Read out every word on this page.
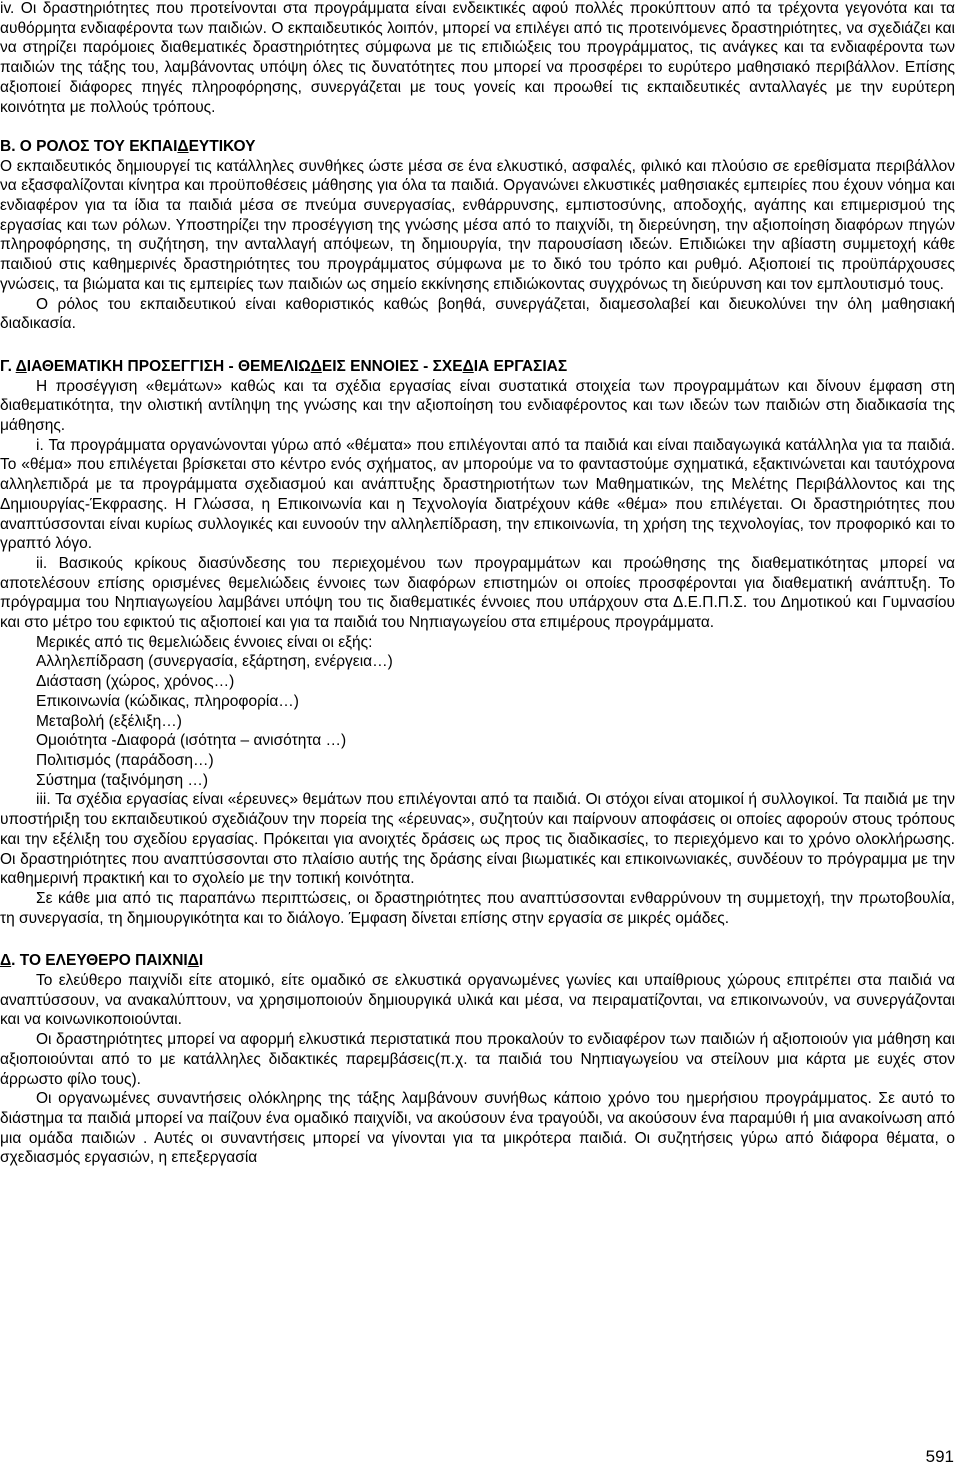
iv. Οι δραστηριότητες που προτείνονται στα προγράμματα είναι ενδεικτικές αφού πολλές προκύπτουν από τα τρέχοντα γεγονότα και τα αυθόρμητα ενδιαφέροντα των παιδιών. Ο εκπαιδευτικός λοιπόν, μπορεί να επιλέγει από τις προτεινόμενες δραστηριότητες, να σχεδιάζει και να στηρίζει παρόμοιες διαθεματικές δραστηριότητες σύμφωνα με τις επιδιώξεις του προγράμματος, τις ανάγκες και τα ενδιαφέροντα των παιδιών της τάξης του, λαμβάνοντας υπόψη όλες τις δυνατότητες που μπορεί να προσφέρει το ευρύτερο μαθησιακό περιβάλλον. Επίσης αξιοποιεί διάφορες πηγές πληροφόρησης, συνεργάζεται με τους γονείς και προωθεί τις εκπαιδευτικές ανταλλαγές με την ευρύτερη κοινότητα με πολλούς τρόπους.

Β. Ο ΡΟΛΟΣ ΤΟΥ ΕΚΠΑΙΔΕΥΤΙΚΟΥ

Ο εκπαιδευτικός δημιουργεί τις κατάλληλες συνθήκες ώστε μέσα σε ένα ελκυστικό, ασφαλές, φιλικό και πλούσιο σε ερεθίσματα περιβάλλον να εξασφαλίζονται κίνητρα και προϋποθέσεις μάθησης για όλα τα παιδιά. Οργανώνει ελκυστικές μαθησιακές εμπειρίες που έχουν νόημα και ενδιαφέρον για τα ίδια τα παιδιά μέσα σε πνεύμα συνεργασίας, ενθάρρυνσης, εμπιστοσύνης, αποδοχής, αγάπης και επιμερισμού της εργασίας και των ρόλων. Υποστηρίζει την προσέγγιση της γνώσης μέσα από το παιχνίδι, τη διερεύνηση, την αξιοποίηση διαφόρων πηγών πληροφόρησης, τη συζήτηση, την ανταλλαγή απόψεων, τη δημιουργία, την παρουσίαση ιδεών. Επιδιώκει την αβίαστη συμμετοχή κάθε παιδιού στις καθημερινές δραστηριότητες του προγράμματος σύμφωνα με το δικό του τρόπο και ρυθμό. Αξιοποιεί τις προϋπάρχουσες γνώσεις, τα βιώματα και τις εμπειρίες των παιδιών ως σημείο εκκίνησης επιδιώκοντας συγχρόνως τη διεύρυνση και τον εμπλουτισμό τους.

Ο ρόλος του εκπαιδευτικού είναι καθοριστικός καθώς βοηθά, συνεργάζεται, διαμεσολαβεί και διευκολύνει την όλη μαθησιακή διαδικασία.

Γ. ΔΙΑΘΕΜΑΤΙΚΗ ΠΡΟΣΕΓΓΙΣΗ - ΘΕΜΕΛΙΩΔΕΙΣ ΕΝΝΟΙΕΣ - ΣΧΕΔΙΑ ΕΡΓΑΣΙΑΣ

Η προσέγγιση «θεμάτων» καθώς και τα σχέδια εργασίας είναι συστατικά στοιχεία των προγραμμάτων και δίνουν έμφαση στη διαθεματικότητα, την ολιστική αντίληψη της γνώσης και την αξιοποίηση του ενδιαφέροντος και των ιδεών των παιδιών στη διαδικασία της μάθησης.

i. Τα προγράμματα οργανώνονται γύρω από «θέματα» που επιλέγονται από τα παιδιά και είναι παιδαγωγικά κατάλληλα για τα παιδιά. Το «θέμα» που επιλέγεται βρίσκεται στο κέντρο ενός σχήματος, αν μπορούμε να το φανταστούμε σχηματικά, εξακτινώνεται και ταυτόχρονα αλληλεπιδρά με τα προγράμματα σχεδιασμού και ανάπτυξης δραστηριοτήτων των Μαθηματικών, της Μελέτης Περιβάλλοντος και της Δημιουργίας-Έκφρασης. Η Γλώσσα, η Επικοινωνία και η Τεχνολογία διατρέχουν κάθε «θέμα» που επιλέγεται. Οι δραστηριότητες που αναπτύσσονται είναι κυρίως συλλογικές και ευνοούν την αλληλεπίδραση, την επικοινωνία, τη χρήση της τεχνολογίας, τον προφορικό και το γραπτό λόγο.

ii. Βασικούς κρίκους διασύνδεσης του περιεχομένου των προγραμμάτων και προώθησης της διαθεματικότητας μπορεί να αποτελέσουν επίσης ορισμένες θεμελιώδεις έννοιες των διαφόρων επιστημών οι οποίες προσφέρονται για διαθεματική ανάπτυξη. Το πρόγραμμα του Νηπιαγωγείου λαμβάνει υπόψη του τις διαθεματικές έννοιες που υπάρχουν στα Δ.Ε.Π.Π.Σ. του Δημοτικού και Γυμνασίου και στο μέτρο του εφικτού τις αξιοποιεί και για τα παιδιά του Νηπιαγωγείου στα επιμέρους προγράμματα.

Μερικές από τις θεμελιώδεις έννοιες είναι οι εξής:

Αλληλεπίδραση (συνεργασία, εξάρτηση, ενέργεια…)

Διάσταση (χώρος, χρόνος…)

Επικοινωνία (κώδικας, πληροφορία…)

Μεταβολή (εξέλιξη…)

Ομοιότητα -Διαφορά (ισότητα – ανισότητα …)

Πολιτισμός (παράδοση…)

Σύστημα (ταξινόμηση …)

iii. Τα σχέδια εργασίας είναι «έρευνες» θεμάτων που επιλέγονται από τα παιδιά. Οι στόχοι είναι ατομικοί ή συλλογικοί. Τα παιδιά με την υποστήριξη του εκπαιδευτικού σχεδιάζουν την πορεία της «έρευνας», συζητούν και παίρνουν αποφάσεις οι οποίες αφορούν στους τρόπους και την εξέλιξη του σχεδίου εργασίας. Πρόκειται για ανοιχτές δράσεις ως προς τις διαδικασίες, το περιεχόμενο και το χρόνο ολοκλήρωσης. Οι δραστηριότητες που αναπτύσσονται στο πλαίσιο αυτής της δράσης είναι βιωματικές και επικοινωνιακές, συνδέουν το πρόγραμμα με την καθημερινή πρακτική και το σχολείο με την τοπική κοινότητα.

Σε κάθε μια από τις παραπάνω περιπτώσεις, οι δραστηριότητες που αναπτύσσονται ενθαρρύνουν τη συμμετοχή, την πρωτοβουλία, τη συνεργασία, τη δημιουργικότητα και το διάλογο. Έμφαση δίνεται επίσης στην εργασία σε μικρές ομάδες.

Δ. ΤΟ ΕΛΕΥΘΕΡΟ ΠΑΙΧΝΙΔΙ

Το ελεύθερο παιχνίδι είτε ατομικό, είτε ομαδικό σε ελκυστικά οργανωμένες γωνίες και υπαίθριους χώρους επιτρέπει στα παιδιά να αναπτύσσουν, να ανακαλύπτουν, να χρησιμοποιούν δημιουργικά υλικά και μέσα, να πειραματίζονται, να επικοινωνούν, να συνεργάζονται και να κοινωνικοποιούνται.

Οι δραστηριότητες μπορεί να αφορμή ελκυστικά περιστατικά που προκαλούν το ενδιαφέρον των παιδιών ή αξιοποιούν για μάθηση και αξιοποιούνται από το με κατάλληλες διδακτικές παρεμβάσεις(π.χ. τα παιδιά του Νηπιαγωγείου να στείλουν μια κάρτα με ευχές στον άρρωστο φίλο τους).

Οι οργανωμένες συναντήσεις ολόκληρης της τάξης λαμβάνουν συνήθως κάποιο χρόνο του ημερήσιου προγράμματος. Σε αυτό το διάστημα τα παιδιά μπορεί να παίζουν ένα ομαδικό παιχνίδι, να ακούσουν ένα τραγούδι, να ακούσουν ένα παραμύθι ή μια ανακοίνωση από μια ομάδα παιδιών . Αυτές οι συναντήσεις μπορεί να γίνονται για τα μικρότερα παιδιά. Οι συζητήσεις γύρω από διάφορα θέματα, ο σχεδιασμός εργασιών, η επεξεργασία

591
